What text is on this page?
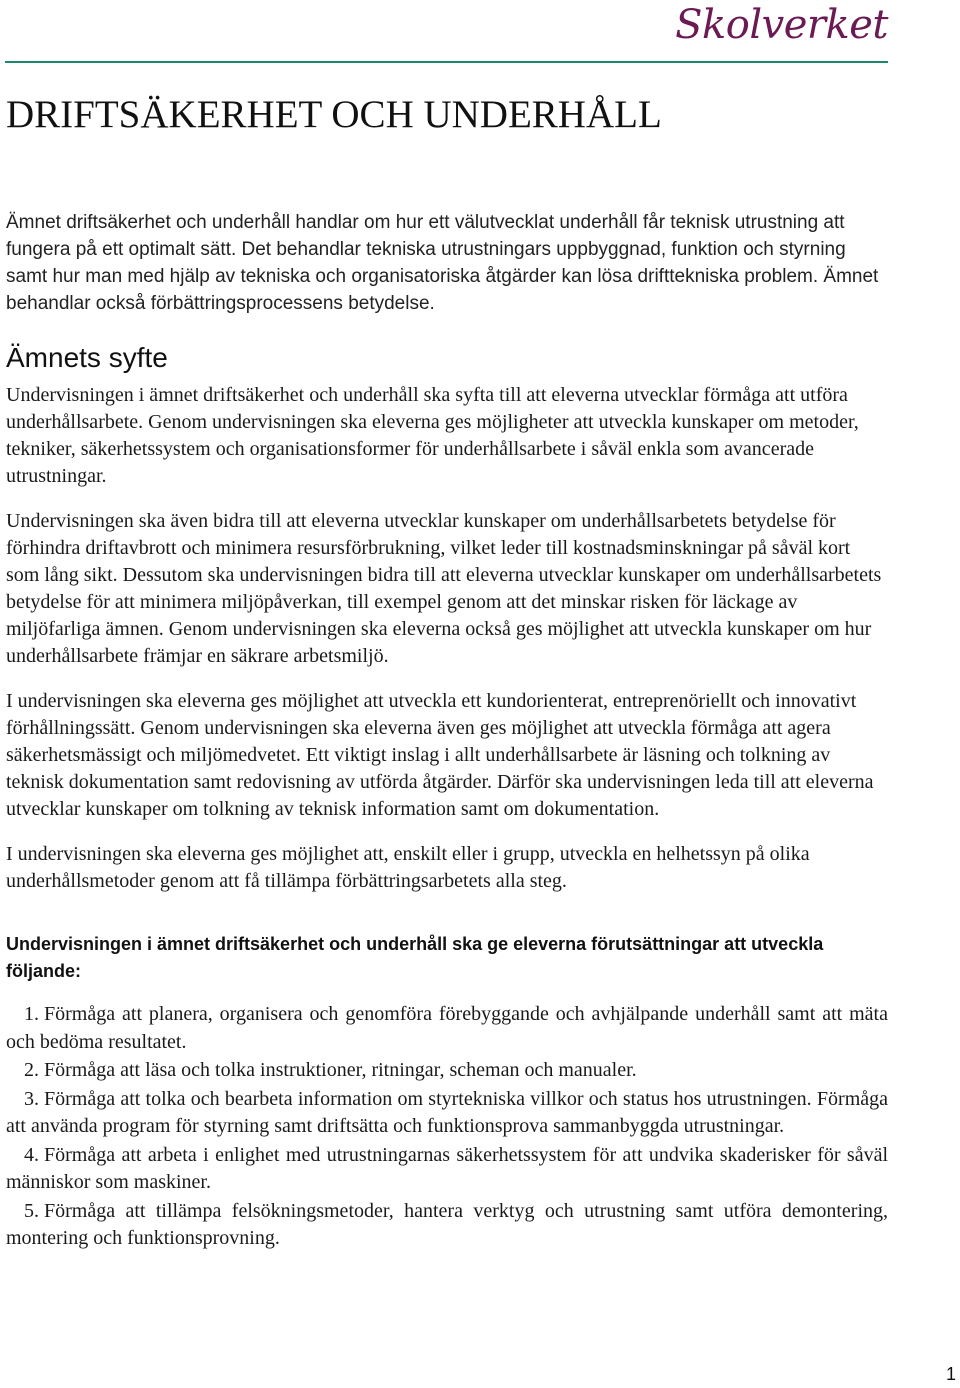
Skolverket
DRIFTSÄKERHET OCH UNDERHÅLL

Ämnet driftsäkerhet och underhåll handlar om hur ett välutvecklat underhåll får teknisk utrustning att fungera på ett optimalt sätt. Det behandlar tekniska utrustningars uppbyggnad, funktion och styrning samt hur man med hjälp av tekniska och organisatoriska åtgärder kan lösa drifttekniska problem. Ämnet behandlar också förbättringsprocessens betydelse.

Ämnets syfte

Undervisningen i ämnet driftsäkerhet och underhåll ska syfta till att eleverna utvecklar förmåga att utföra underhållsarbete. Genom undervisningen ska eleverna ges möjligheter att utveckla kunskaper om metoder, tekniker, säkerhetssystem och organisationsformer för underhållsarbete i såväl enkla som avancerade utrustningar.

Undervisningen ska även bidra till att eleverna utvecklar kunskaper om underhållsarbetets betydelse för förhindra driftavbrott och minimera resursförbrukning, vilket leder till kostnadsminskningar på såväl kort som lång sikt. Dessutom ska undervisningen bidra till att eleverna utvecklar kunskaper om underhållsarbetets betydelse för att minimera miljöpåverkan, till exempel genom att det minskar risken för läckage av miljöfarliga ämnen. Genom undervisningen ska eleverna också ges möjlighet att utveckla kunskaper om hur underhållsarbete främjar en säkrare arbetsmiljö.

I undervisningen ska eleverna ges möjlighet att utveckla ett kundorienterat, entreprenöriellt och innovativt förhållningssätt. Genom undervisningen ska eleverna även ges möjlighet att utveckla förmåga att agera säkerhetsmässigt och miljömedvetet. Ett viktigt inslag i allt underhållsarbete är läsning och tolkning av teknisk dokumentation samt redovisning av utförda åtgärder. Därför ska undervisningen leda till att eleverna utvecklar kunskaper om tolkning av teknisk information samt om dokumentation.

I undervisningen ska eleverna ges möjlighet att, enskilt eller i grupp, utveckla en helhetssyn på olika underhållsmetoder genom att få tillämpa förbättringsarbetets alla steg.

Undervisningen i ämnet driftsäkerhet och underhåll ska ge eleverna förutsättningar att utveckla följande:

1. Förmåga att planera, organisera och genomföra förebyggande och avhjälpande underhåll samt att mäta och bedöma resultatet.
2. Förmåga att läsa och tolka instruktioner, ritningar, scheman och manualer.
3. Förmåga att tolka och bearbeta information om styrtekniska villkor och status hos utrustningen. Förmåga att använda program för styrning samt driftsätta och funktionsprova sammanbyggda utrustningar.
4. Förmåga att arbeta i enlighet med utrustningarnas säkerhetssystem för att undvika skaderisker för såväl människor som maskiner.
5. Förmåga att tillämpa felsökningsmetoder, hantera verktyg och utrustning samt utföra demontering, montering och funktionsprovning.
1
